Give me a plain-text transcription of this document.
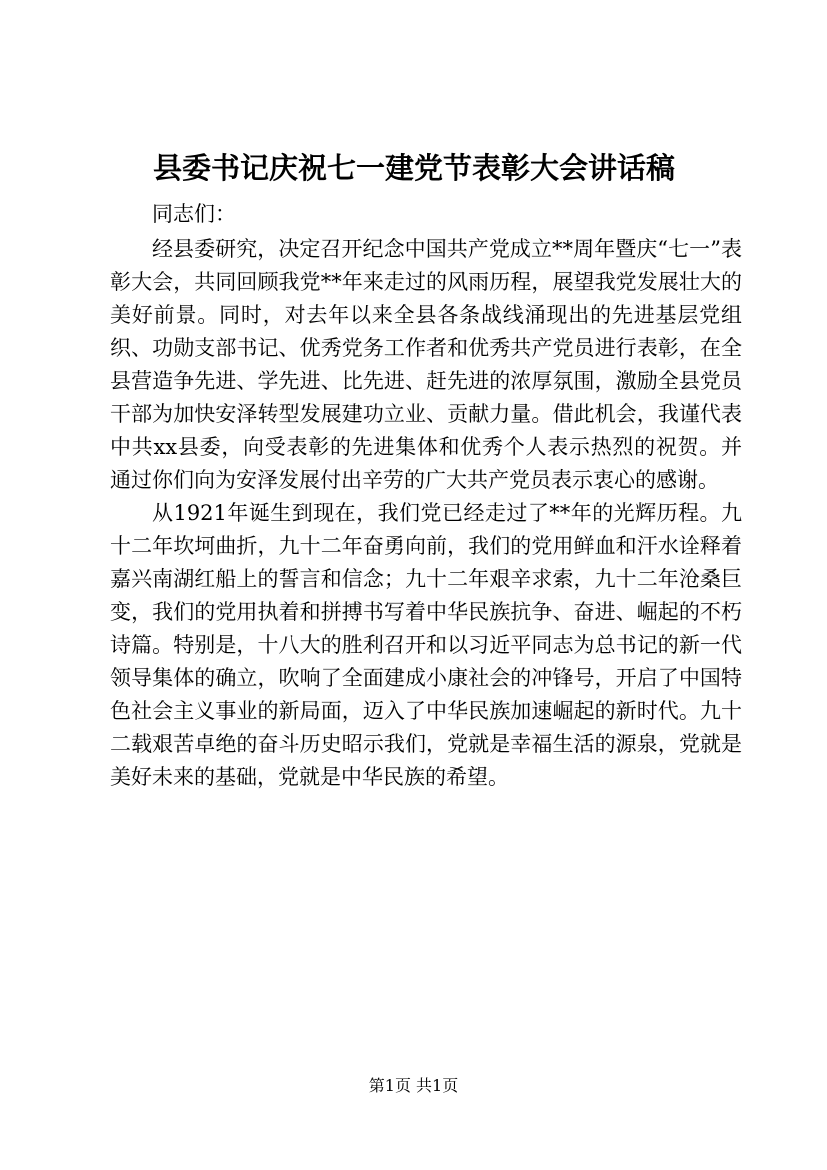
县委书记庆祝七一建党节表彰大会讲话稿

同志们：

经县委研究，决定召开纪念中国共产党成立**周年暨庆“七一”表彰大会，共同回顾我党**年来走过的风雨历程，展望我党发展壮大的美好前景。同时，对去年以来全县各条战线涌现出的先进基层党组织、功勋支部书记、优秀党务工作者和优秀共产党员进行表彰，在全县营造争先进、学先进、比先进、赶先进的浓厚氛围，激励全县党员干部为加快安泽转型发展建功立业、贡献力量。借此机会，我谨代表中共xx县委，向受表彰的先进集体和优秀个人表示热烈的祝贺。并通过你们向为安泽发展付出辛劳的广大共产党员表示衷心的感谢。

从1921年诞生到现在，我们党已经走过了**年的光辉历程。九十二年坎坷曲折，九十二年奋勇向前，我们的党用鲜血和汗水诠释着嘉兴南湖红船上的誓言和信念；九十二年艰辛求索，九十二年沧桑巨变，我们的党用执着和拼搏书写着中华民族抗争、奋进、崛起的不朽诗篇。特别是，十八大的胜利召开和以习近平同志为总书记的新一代领导集体的确立，吹响了全面建成小康社会的冲锋号，开启了中国特色社会主义事业的新局面，迈入了中华民族加速崛起的新时代。九十二载艰苦卓绝的奋斗历史昭示我们，党就是幸福生活的源泉，党就是美好未来的基础，党就是中华民族的希望。

第1页 共1页
